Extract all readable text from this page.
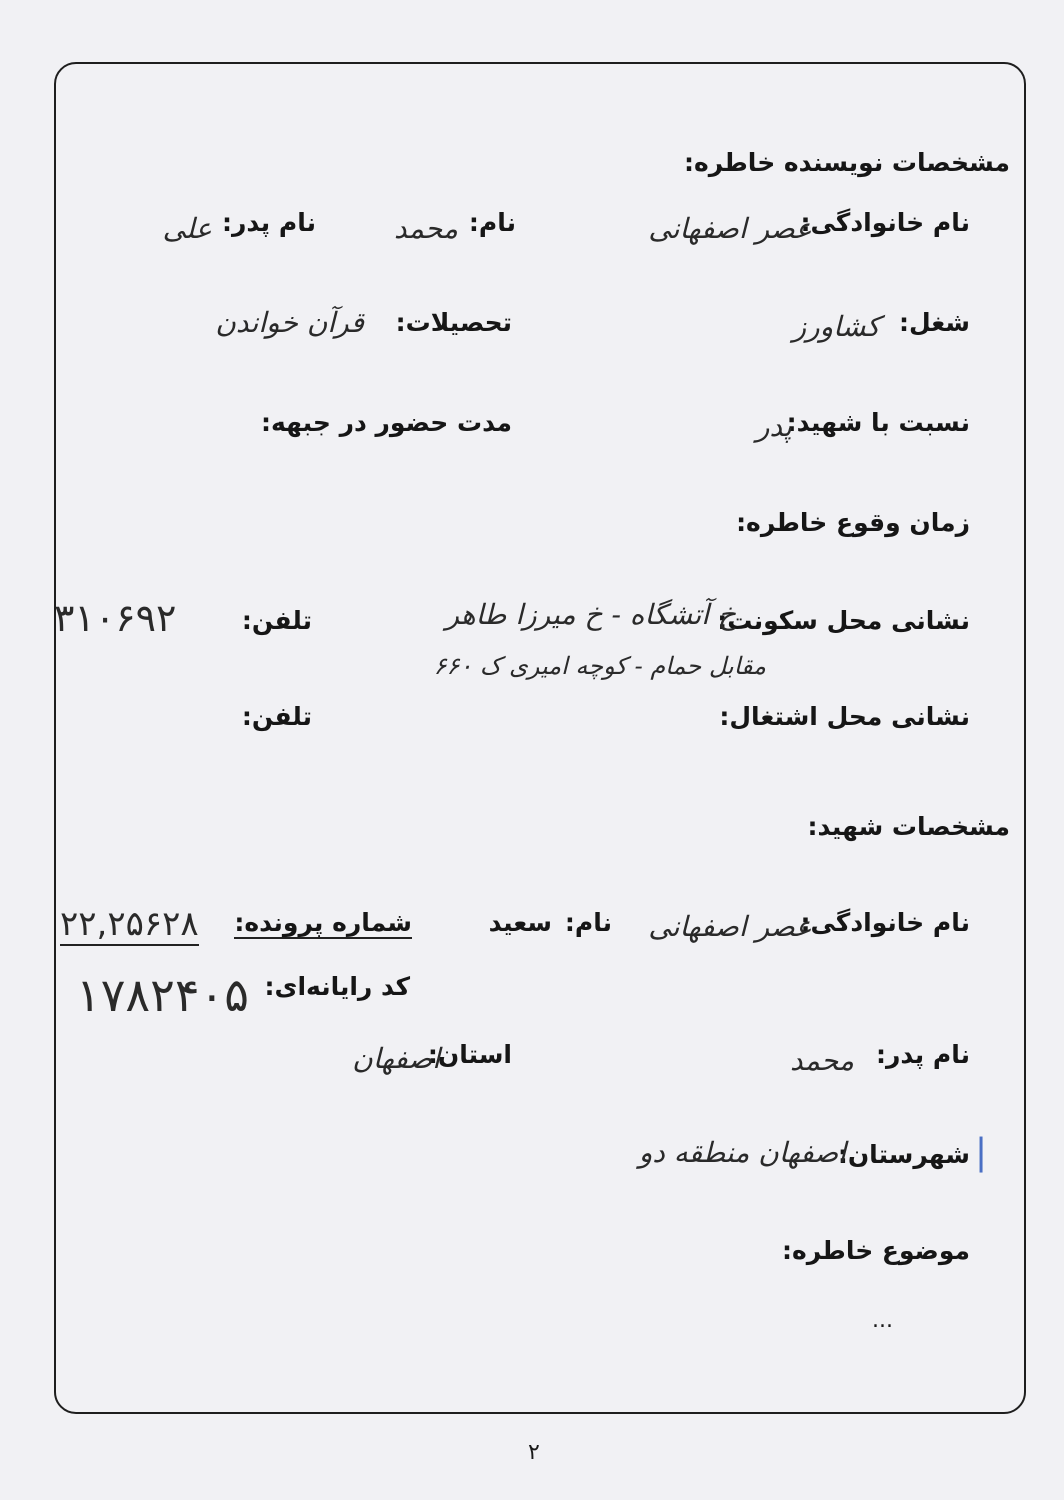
مشخصات نویسنده خاطره:
نام خانوادگی:
عصر اصفهانی
نام:
محمد
نام پدر:
علی
شغل:
کشاورز
تحصیلات:
قرآن خواندن
نسبت با شهید:
پدر
مدت حضور در جبهه:
زمان وقوع خاطره:
نشانی محل سکونت:
خ آتشگاه - خ میرزا طاهر
مقابل حمام - کوچه امیری ک ۶۶۰
تلفن:
۳۱۰۶۹۲
نشانی محل اشتغال:
تلفن:
مشخصات شهید:
نام خانوادگی:
عصر اصفهانی
نام:
سعید
شماره پرونده:
۲۲,۲۵۶۲۸
کد رایانه‌ای:
۱۷۸۲۴۰۵
نام پدر:
محمد
استان:
اصفهان
شهرستان:
اصفهان منطقه دو
موضوع خاطره:
...
❘
۲
